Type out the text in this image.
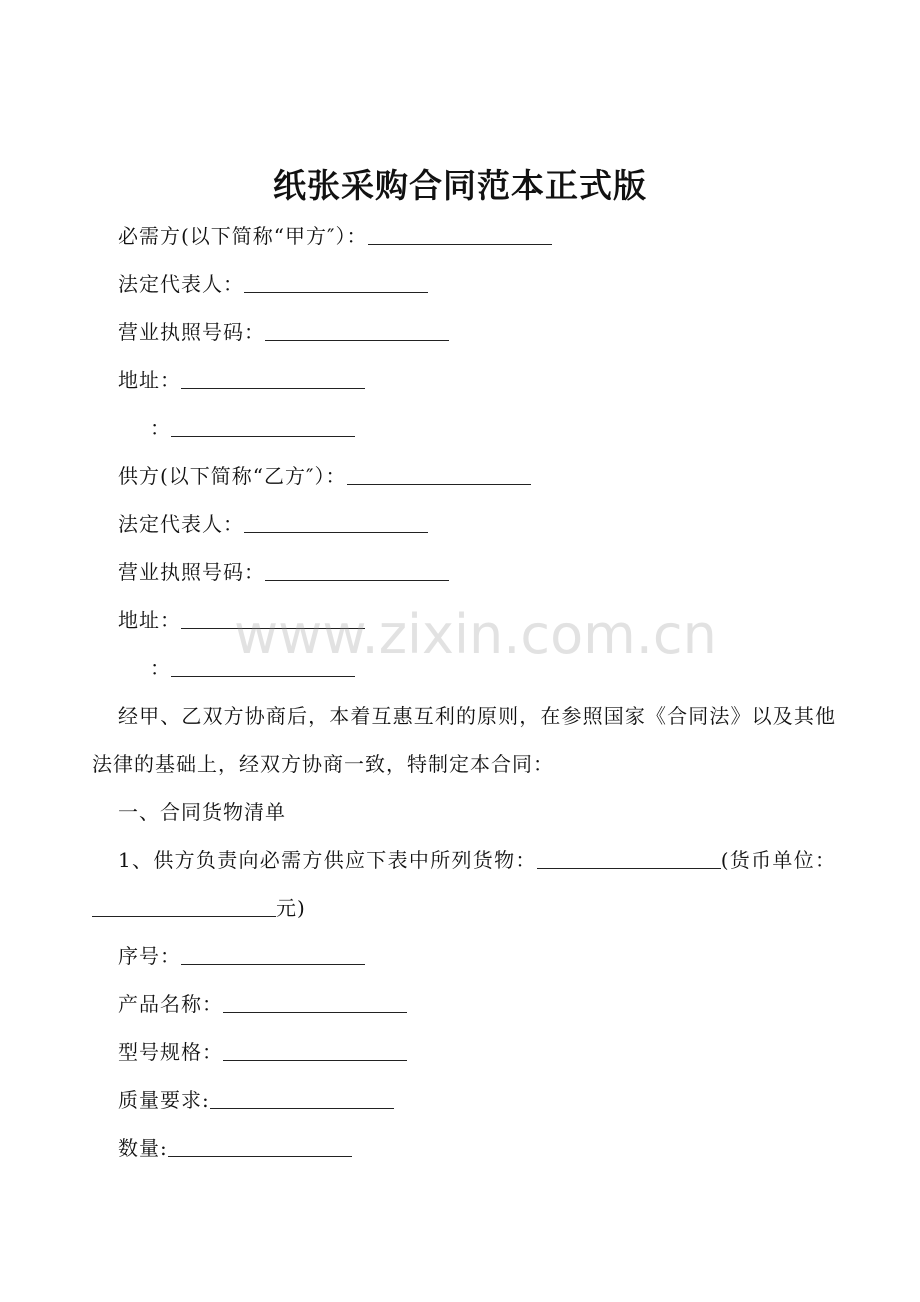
纸张采购合同范本正式版
必需方(以下简称“甲方″）：
法定代表人：
营业执照号码：
地址：
：
供方(以下简称“乙方″）：
法定代表人：
营业执照号码：
地址：
：
经甲、乙双方协商后，本着互惠互利的原则，在参照国家《合同法》以及其他法律的基础上，经双方协商一致，特制定本合同：
一、合同货物清单
1、供方负责向必需方供应下表中所列货物：	(货币单位：元)
序号：
产品名称：
型号规格：
质量要求:
数量:
www.zixin.com.cn
